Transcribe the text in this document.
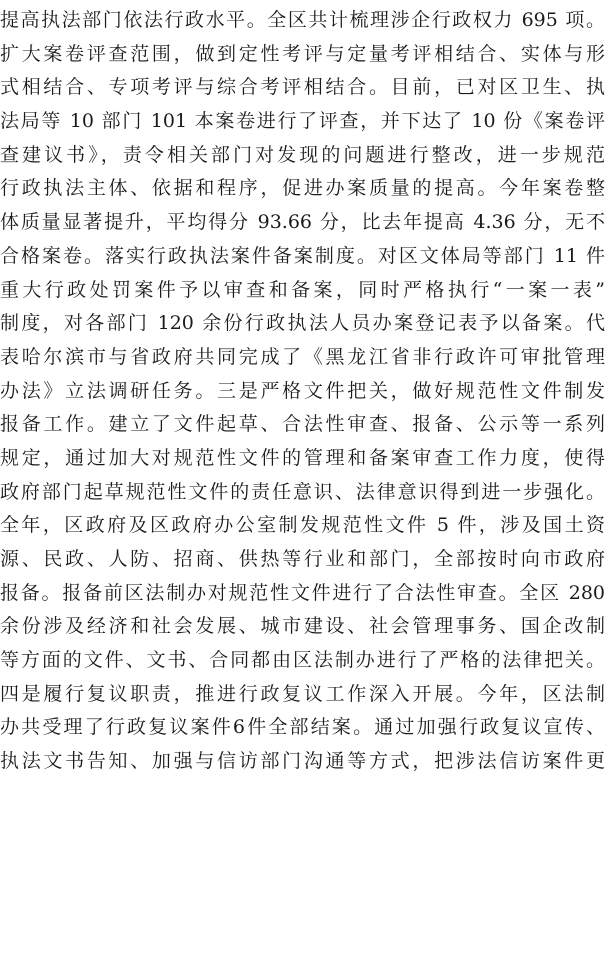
提高执法部门依法行政水平。全区共计梳理涉企行政权力 695 项。
扩大案卷评查范围，做到定性考评与定量考评相结合、实体与形
式相结合、专项考评与综合考评相结合。目前，已对区卫生、执
法局等 10 部门 101 本案卷进行了评查，并下达了 10 份《案卷评
查建议书》，责令相关部门对发现的问题进行整改，进一步规范
行政执法主体、依据和程序，促进办案质量的提高。今年案卷整
体质量显著提升，平均得分 93.66 分，比去年提高 4.36 分，无不
合格案卷。落实行政执法案件备案制度。对区文体局等部门 11 件
重大行政处罚案件予以审查和备案，同时严格执行“一案一表”
制度，对各部门 120 余份行政执法人员办案登记表予以备案。代
表哈尔滨市与省政府共同完成了《黑龙江省非行政许可审批管理
办法》立法调研任务。三是严格文件把关，做好规范性文件制发
报备工作。建立了文件起草、合法性审查、报备、公示等一系列
规定，通过加大对规范性文件的管理和备案审查工作力度，使得
政府部门起草规范性文件的责任意识、法律意识得到进一步强化。
全年，区政府及区政府办公室制发规范性文件 5 件，涉及国土资
源、民政、人防、招商、供热等行业和部门，全部按时向市政府
报备。报备前区法制办对规范性文件进行了合法性审查。全区 280
余份涉及经济和社会发展、城市建设、社会管理事务、国企改制
等方面的文件、文书、合同都由区法制办进行了严格的法律把关。
四是履行复议职责，推进行政复议工作深入开展。今年，区法制
办共受理了行政复议案件6件全部结案。通过加强行政复议宣传、
执法文书告知、加强与信访部门沟通等方式，把涉法信访案件更
